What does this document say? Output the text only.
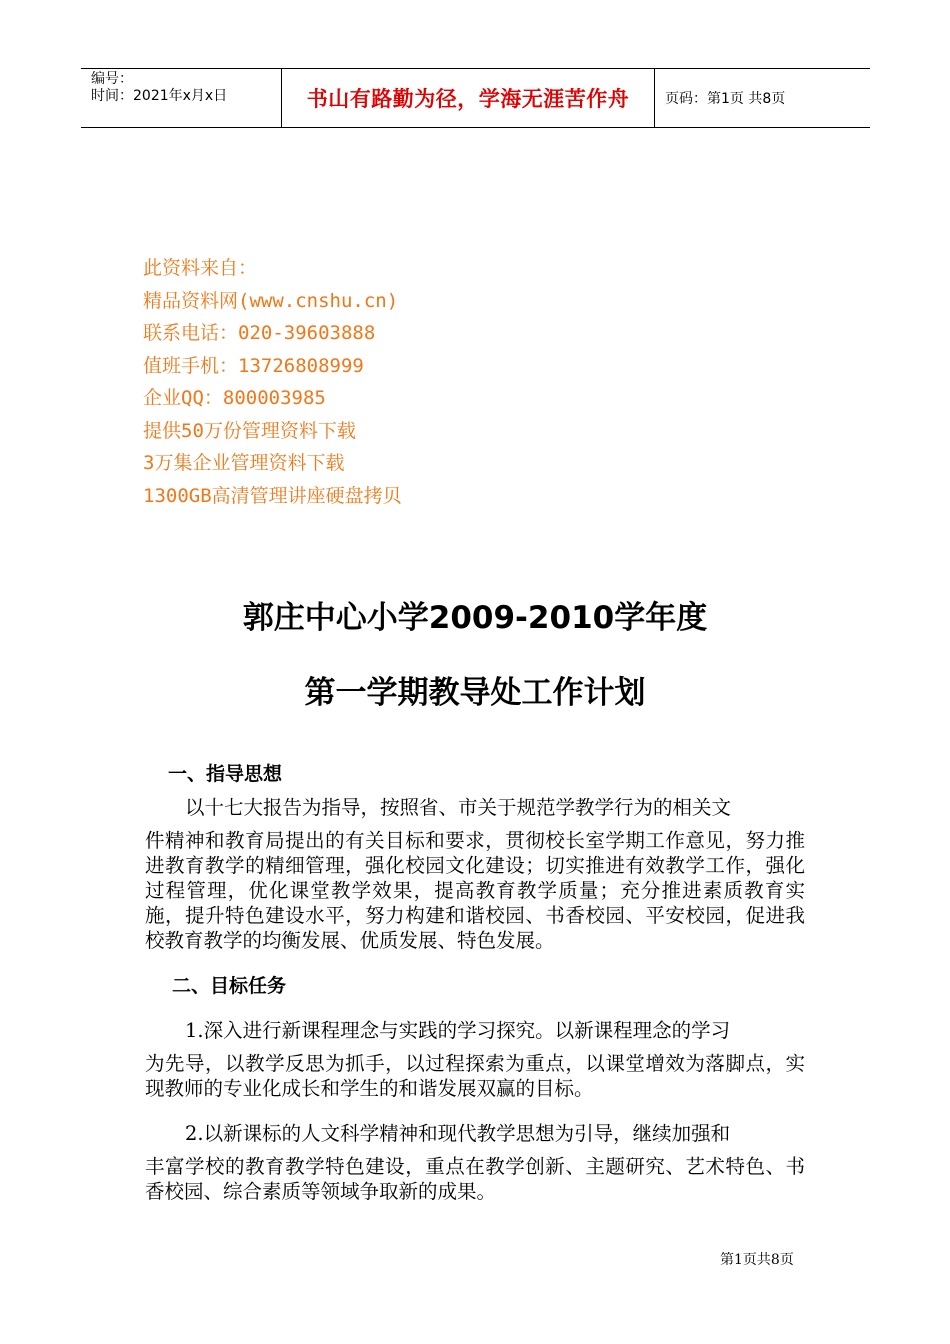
编号：
时间：2021年x月x日	书山有路勤为径，学海无涯苦作舟	页码：第1页 共8页
此资料来自：
精品资料网(www.cnshu.cn)
联系电话：020-39603888
值班手机：13726808999
企业QQ：800003985
提供50万份管理资料下载
3万集企业管理资料下载
1300GB高清管理讲座硬盘拷贝
郭庄中心小学2009-2010学年度
第一学期教导处工作计划
一、指导思想
以十七大报告为指导，按照省、市关于规范学教学行为的相关文
件精神和教育局提出的有关目标和要求，贯彻校长室学期工作意见，努力推进教育教学的精细管理，强化校园文化建设；切实推进有效教学工作，强化过程管理，优化课堂教学效果，提高教育教学质量；充分推进素质教育实施，提升特色建设水平，努力构建和谐校园、书香校园、平安校园，促进我校教育教学的均衡发展、优质发展、特色发展。
二、目标任务
1.深入进行新课程理念与实践的学习探究。以新课程理念的学习
为先导，以教学反思为抓手，以过程探索为重点，以课堂增效为落脚点，实现教师的专业化成长和学生的和谐发展双赢的目标。
2.以新课标的人文科学精神和现代教学思想为引导，继续加强和
丰富学校的教育教学特色建设，重点在教学创新、主题研究、艺术特色、书香校园、综合素质等领域争取新的成果。
第1页共8页
